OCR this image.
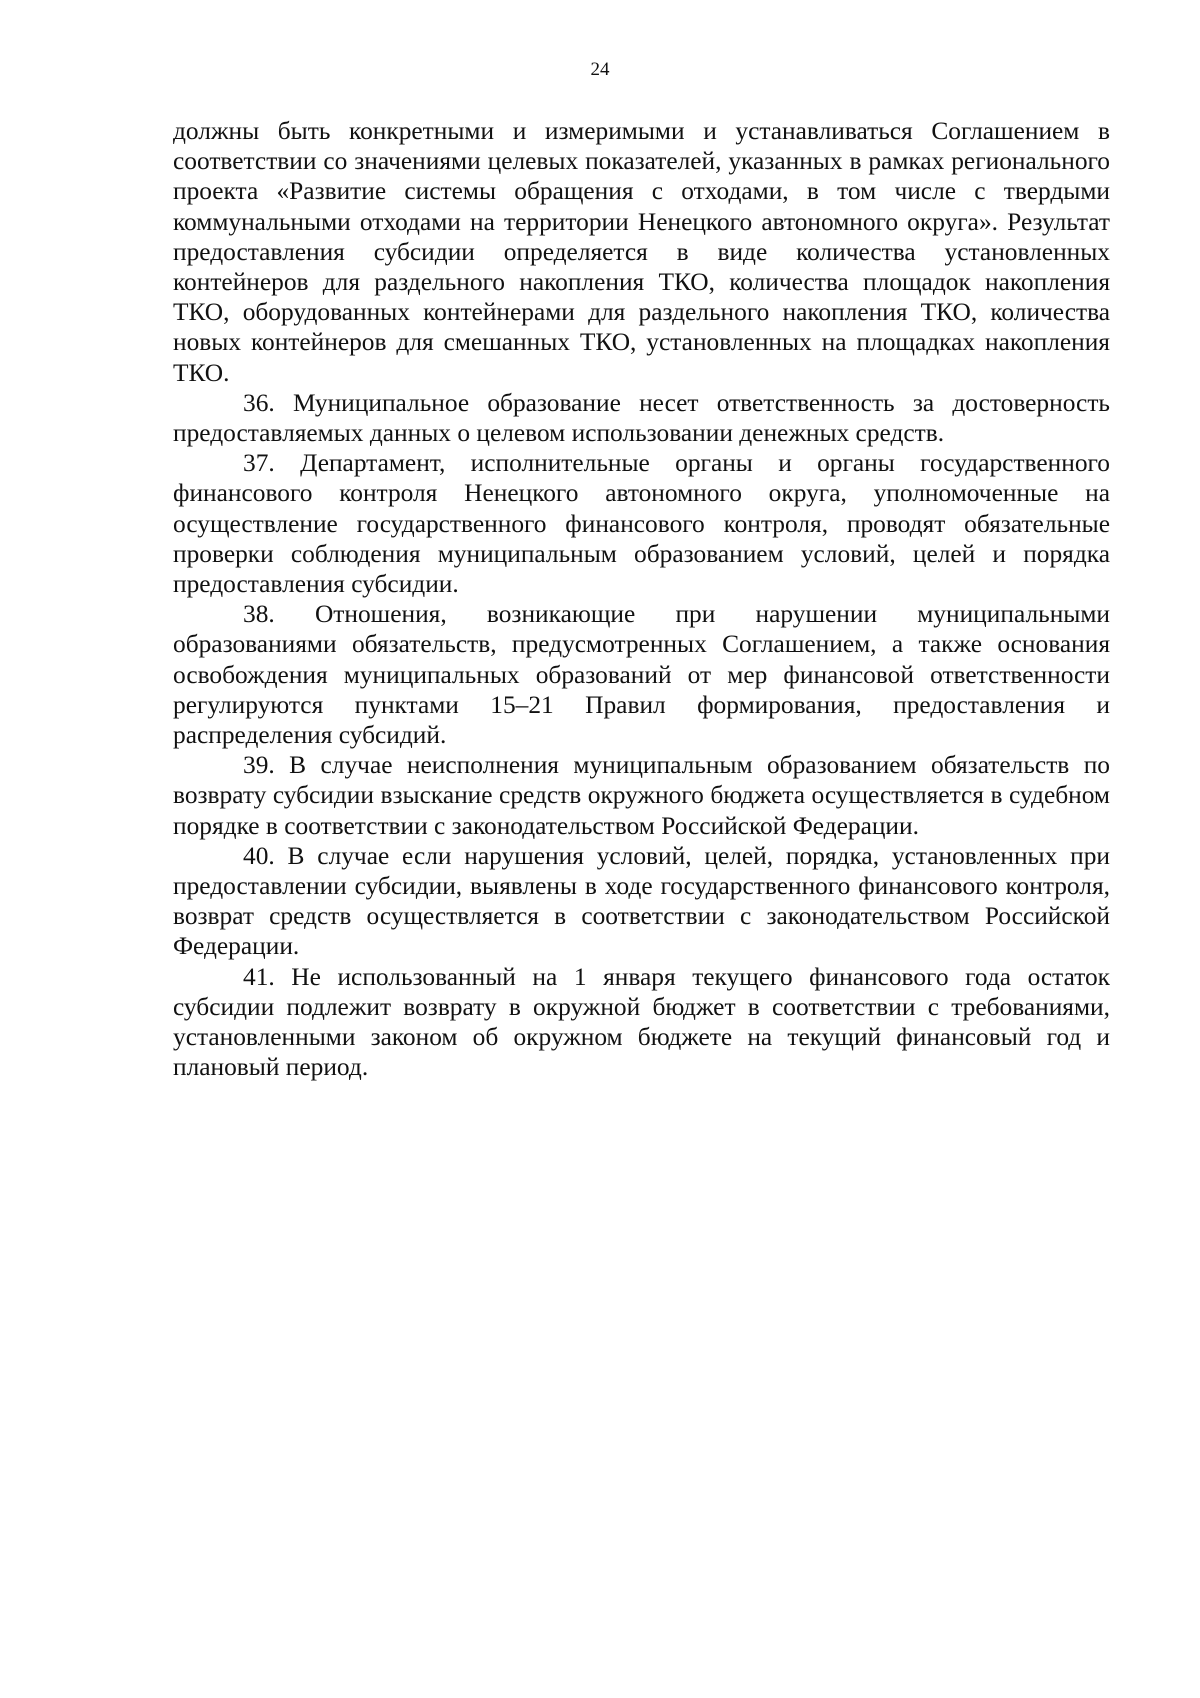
24

должны быть конкретными и измеримыми и устанавливаться Соглашением в соответствии со значениями целевых показателей, указанных в рамках регионального проекта «Развитие системы обращения с отходами, в том числе с твердыми коммунальными отходами на территории Ненецкого автономного округа». Результат предоставления субсидии определяется в виде количества установленных контейнеров для раздельного накопления ТКО, количества площадок накопления ТКО, оборудованных контейнерами для раздельного накопления ТКО, количества новых контейнеров для смешанных ТКО, установленных на площадках накопления ТКО.

36. Муниципальное образование несет ответственность за достоверность предоставляемых данных о целевом использовании денежных средств.

37. Департамент, исполнительные органы и органы государственного финансового контроля Ненецкого автономного округа, уполномоченные на осуществление государственного финансового контроля, проводят обязательные проверки соблюдения муниципальным образованием условий, целей и порядка предоставления субсидии.

38. Отношения, возникающие при нарушении муниципальными образованиями обязательств, предусмотренных Соглашением, а также основания освобождения муниципальных образований от мер финансовой ответственности регулируются пунктами 15–21 Правил формирования, предоставления и распределения субсидий.

39. В случае неисполнения муниципальным образованием обязательств по возврату субсидии взыскание средств окружного бюджета осуществляется в судебном порядке в соответствии с законодательством Российской Федерации.

40. В случае если нарушения условий, целей, порядка, установленных при предоставлении субсидии, выявлены в ходе государственного финансового контроля, возврат средств осуществляется в соответствии с законодательством Российской Федерации.

41. Не использованный на 1 января текущего финансового года остаток субсидии подлежит возврату в окружной бюджет в соответствии с требованиями, установленными законом об окружном бюджете на текущий финансовый год и плановый период.
